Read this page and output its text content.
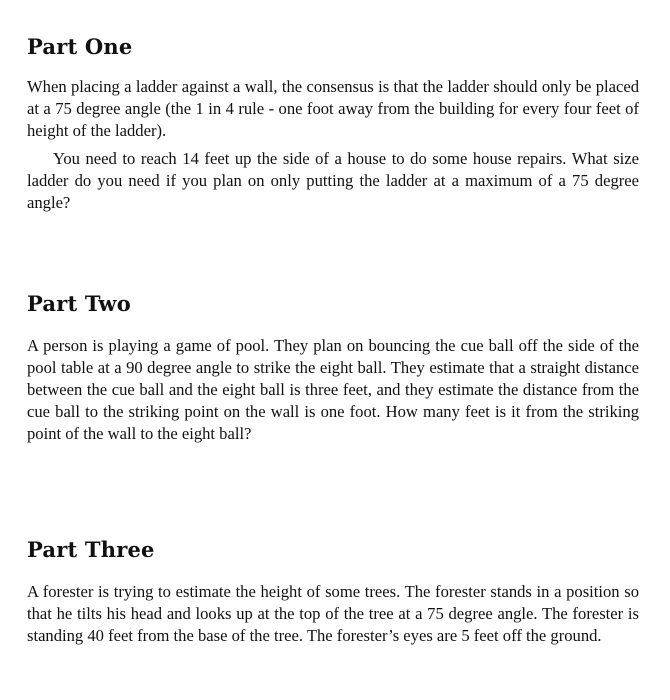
Part One

When placing a ladder against a wall, the consensus is that the ladder should only be placed at a 75 degree angle (the 1 in 4 rule - one foot away from the building for every four feet of height of the ladder).

You need to reach 14 feet up the side of a house to do some house repairs. What size ladder do you need if you plan on only putting the ladder at a maximum of a 75 degree angle?

Part Two

A person is playing a game of pool. They plan on bouncing the cue ball off the side of the pool table at a 90 degree angle to strike the eight ball. They estimate that a straight distance between the cue ball and the eight ball is three feet, and they estimate the distance from the cue ball to the striking point on the wall is one foot. How many feet is it from the striking point of the wall to the eight ball?

Part Three

A forester is trying to estimate the height of some trees. The forester stands in a position so that he tilts his head and looks up at the top of the tree at a 75 degree angle. The forester is standing 40 feet from the base of the tree. The forester’s eyes are 5 feet off the ground.
